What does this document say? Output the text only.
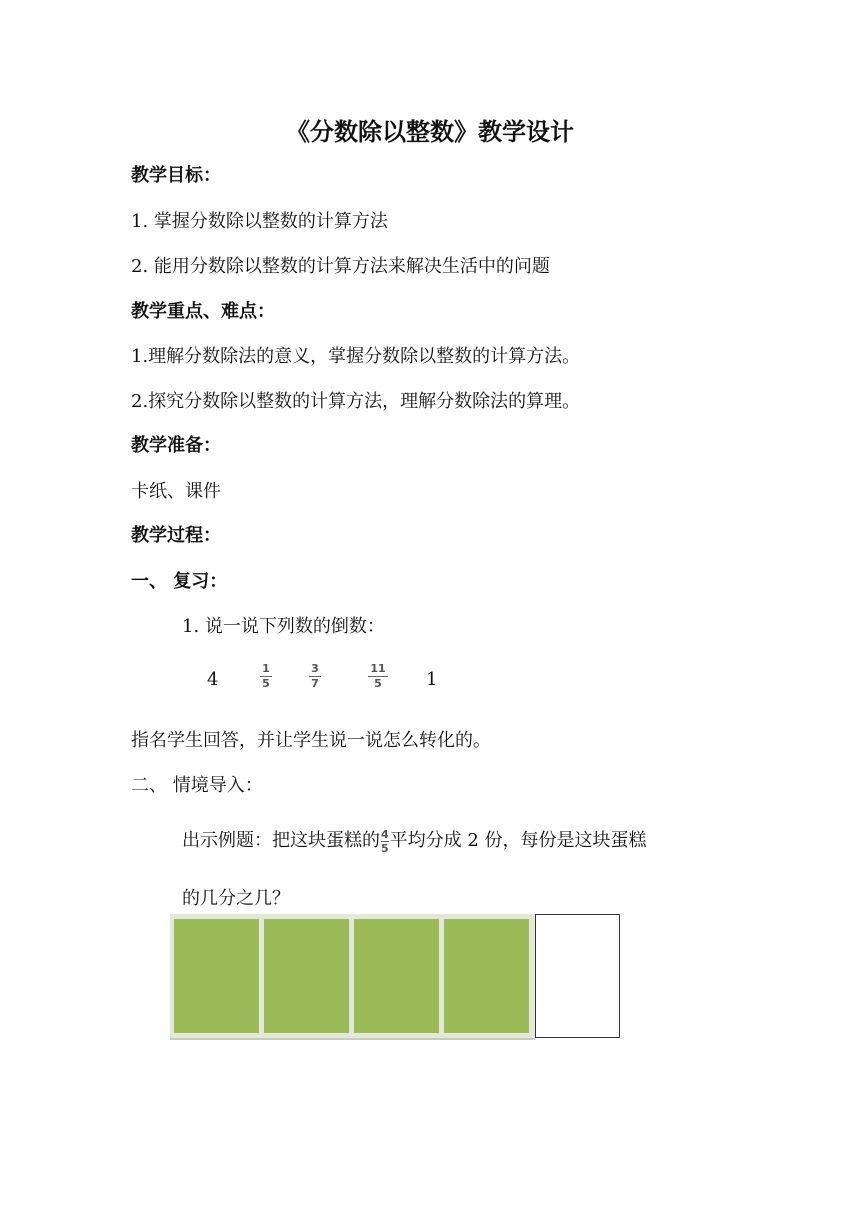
《分数除以整数》教学设计
教学目标：
1. 掌握分数除以整数的计算方法
2. 能用分数除以整数的计算方法来解决生活中的问题
教学重点、难点：
1.理解分数除法的意义，掌握分数除以整数的计算方法。
2.探究分数除以整数的计算方法，理解分数除法的算理。
教学准备：
卡纸、课件
教学过程：
一、 复习：
1. 说一说下列数的倒数：
4
1
5
3
7
11
5	1
指名学生回答，并让学生说一说怎么转化的。
二、 情境导入：
出示例题：把这块蛋糕的$\frac{4}{5}$平均分成 2 份，每份是这块蛋糕
的几分之几？
